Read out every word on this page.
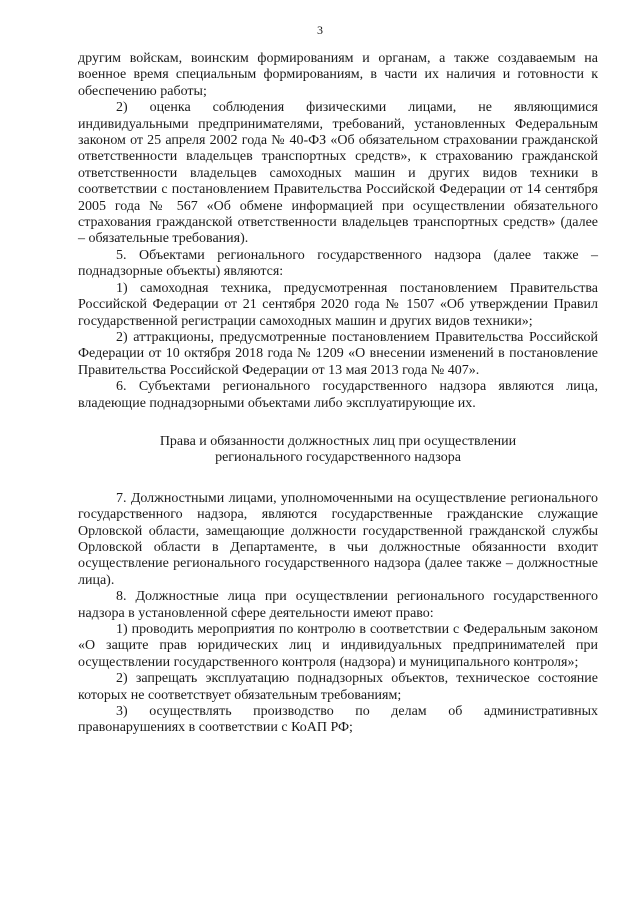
3

другим войскам, воинским формированиям и органам, а также создаваемым на военное время специальным формированиям, в части их наличия и готовности к обеспечению работы;

2) оценка соблюдения физическими лицами, не являющимися индивидуальными предпринимателями, требований, установленных Федеральным законом от 25 апреля 2002 года № 40-ФЗ «Об обязательном страховании гражданской ответственности владельцев транспортных средств», к страхованию гражданской ответственности владельцев самоходных машин и других видов техники в соответствии с постановлением Правительства Российской Федерации от 14 сентября 2005 года № 567 «Об обмене информацией при осуществлении обязательного страхования гражданской ответственности владельцев транспортных средств» (далее – обязательные требования).

5. Объектами регионального государственного надзора (далее также – поднадзорные объекты) являются:

1) самоходная техника, предусмотренная постановлением Правительства Российской Федерации от 21 сентября 2020 года № 1507 «Об утверждении Правил государственной регистрации самоходных машин и других видов техники»;

2) аттракционы, предусмотренные постановлением Правительства Российской Федерации от 10 октября 2018 года № 1209 «О внесении изменений в постановление Правительства Российской Федерации от 13 мая 2013 года № 407».

6. Субъектами регионального государственного надзора являются лица, владеющие поднадзорными объектами либо эксплуатирующие их.

Права и обязанности должностных лиц при осуществлении
регионального государственного надзора

7. Должностными лицами, уполномоченными на осуществление регионального государственного надзора, являются государственные гражданские служащие Орловской области, замещающие должности государственной гражданской службы Орловской области в Департаменте, в чьи должностные обязанности входит осуществление регионального государственного надзора (далее также – должностные лица).

8. Должностные лица при осуществлении регионального государственного надзора в установленной сфере деятельности имеют право:

1) проводить мероприятия по контролю в соответствии с Федеральным законом «О защите прав юридических лиц и индивидуальных предпринимателей при осуществлении государственного контроля (надзора) и муниципального контроля»;

2) запрещать эксплуатацию поднадзорных объектов, техническое состояние которых не соответствует обязательным требованиям;

3) осуществлять производство по делам об административных правонарушениях в соответствии с КоАП РФ;
